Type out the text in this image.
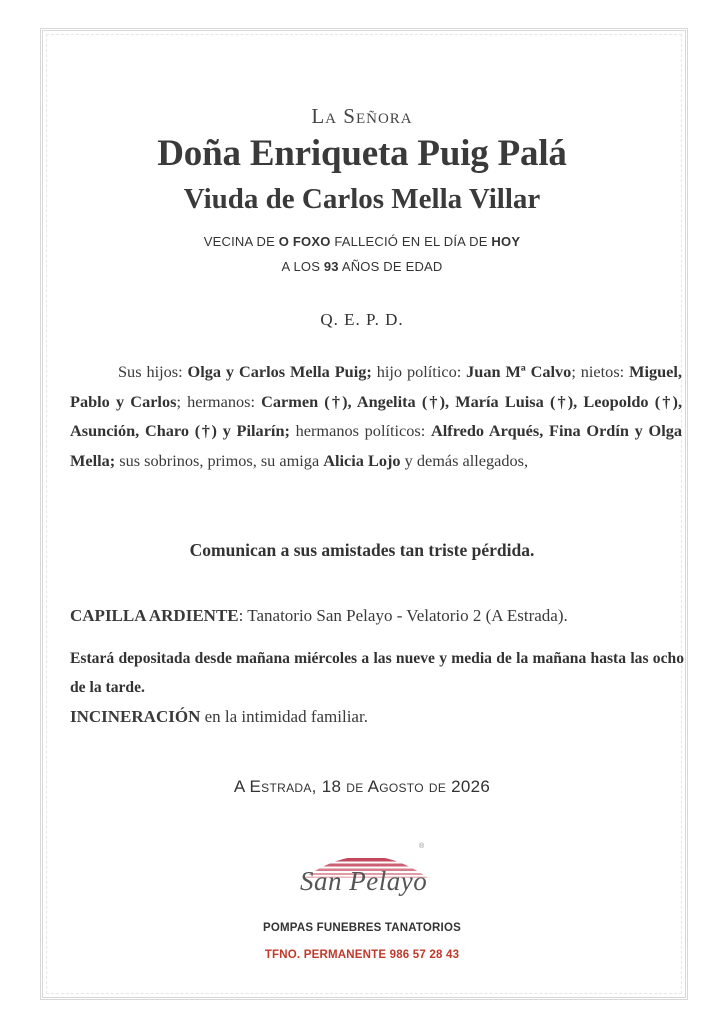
La Señora
Doña Enriqueta Puig Palá
Viuda de Carlos Mella Villar
VECINA DE O FOXO FALLECIÓ EN EL DÍA DE HOY
A LOS 93 AÑOS DE EDAD
Q. E. P. D.
Sus hijos: Olga y Carlos Mella Puig; hijo político: Juan Mª Calvo; nietos: Miguel, Pablo y Carlos; hermanos: Carmen (†), Angelita (†), María Luisa (†), Leopoldo (†), Asunción, Charo (†) y Pilarín; hermanos políticos: Alfredo Arqués, Fina Ordín y Olga Mella; sus sobrinos, primos, su amiga Alicia Lojo y demás allegados,
Comunican a sus amistades tan triste pérdida.
CAPILLA ARDIENTE: Tanatorio San Pelayo - Velatorio 2 (A Estrada).
Estará depositada desde mañana miércoles a las nueve y media de la mañana hasta las ocho de la tarde.
INCINERACIÓN en la intimidad familiar.
A Estrada, 18 de Agosto de 2026
San Pelayo
®
POMPAS FUNEBRES TANATORIOS
TFNO. PERMANENTE 986 57 28 43
